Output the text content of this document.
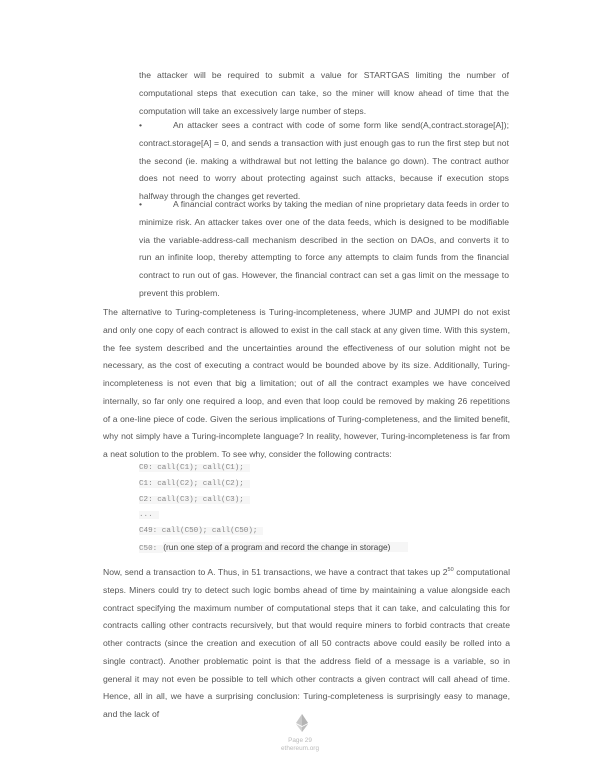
the attacker will be required to submit a value for STARTGAS limiting the number of computational steps that execution can take, so the miner will know ahead of time that the computation will take an excessively large number of steps.
•	An attacker sees a contract with code of some form like send(A,contract.storage[A]); contract.storage[A] = 0, and sends a transaction with just enough gas to run the first step but not the second (ie. making a withdrawal but not letting the balance go down). The contract author does not need to worry about protecting against such attacks, because if execution stops halfway through the changes get reverted.
•	A financial contract works by taking the median of nine proprietary data feeds in order to minimize risk. An attacker takes over one of the data feeds, which is designed to be modifiable via the variable-address-call mechanism described in the section on DAOs, and converts it to run an infinite loop, thereby attempting to force any attempts to claim funds from the financial contract to run out of gas. However, the financial contract can set a gas limit on the message to prevent this problem.
The alternative to Turing-completeness is Turing-incompleteness, where JUMP and JUMPI do not exist and only one copy of each contract is allowed to exist in the call stack at any given time. With this system, the fee system described and the uncertainties around the effectiveness of our solution might not be necessary, as the cost of executing a contract would be bounded above by its size. Additionally, Turing-incompleteness is not even that big a limitation; out of all the contract examples we have conceived internally, so far only one required a loop, and even that loop could be removed by making 26 repetitions of a one-line piece of code. Given the serious implications of Turing-completeness, and the limited benefit, why not simply have a Turing-incomplete language? In reality, however, Turing-incompleteness is far from a neat solution to the problem. To see why, consider the following contracts:
C0: call(C1); call(C1);
C1: call(C2); call(C2);
C2: call(C3); call(C3);
...
C49: call(C50); call(C50);
C50: (run one step of a program and record the change in storage)
Now, send a transaction to A. Thus, in 51 transactions, we have a contract that takes up $2^{50}$ computational steps. Miners could try to detect such logic bombs ahead of time by maintaining a value alongside each contract specifying the maximum number of computational steps that it can take, and calculating this for contracts calling other contracts recursively, but that would require miners to forbid contracts that create other contracts (since the creation and execution of all 50 contracts above could easily be rolled into a single contract). Another problematic point is that the address field of a message is a variable, so in general it may not even be possible to tell which other contracts a given contract will call ahead of time. Hence, all in all, we have a surprising conclusion: Turing-completeness is surprisingly easy to manage, and the lack of
Page 29
ethereum.org
